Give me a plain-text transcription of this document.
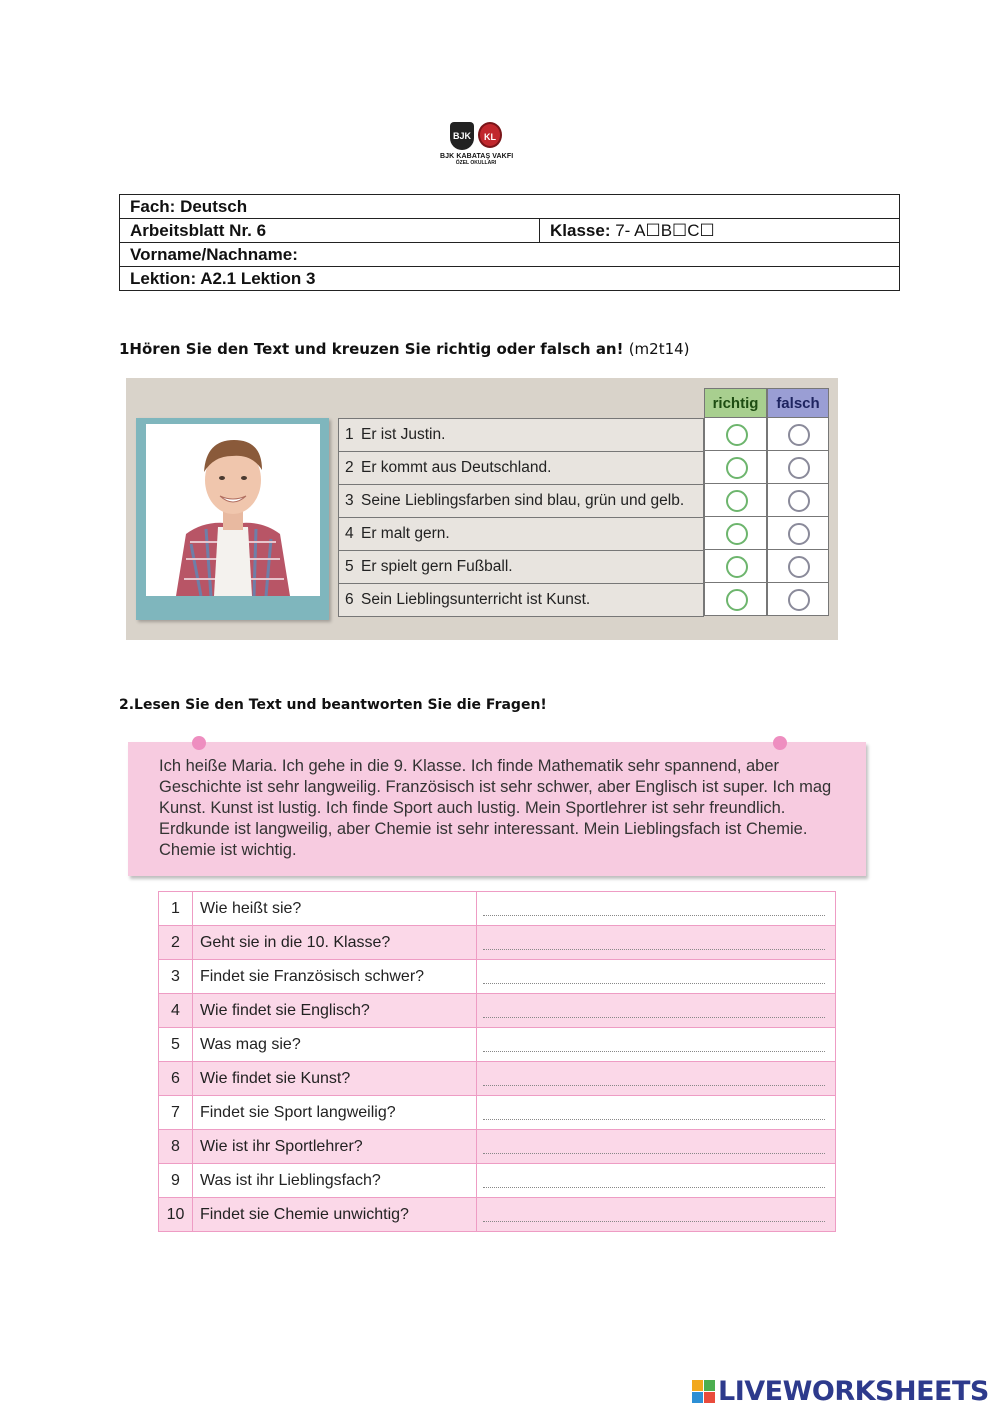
BJK	KL
BJK KABATAŞ VAKFI
ÖZEL OKULLARI
Fach: Deutsch
Arbeitsblatt Nr. 6	Klasse: 7- A☐B☐C☐
Vorname/Nachname:
Lektion: A2.1 Lektion 3
1Hören Sie den Text und kreuzen Sie richtig oder falsch an! (m2t14)
1 Er ist Justin.
2 Er kommt aus Deutschland.
3 Seine Lieblingsfarben sind blau, grün und gelb.
4 Er malt gern.
5 Er spielt gern Fußball.
6 Sein Lieblingsunterricht ist Kunst.
richtig	falsch
2.Lesen Sie den Text und beantworten Sie die Fragen!
Ich heiße Maria. Ich gehe in die 9. Klasse. Ich finde Mathematik sehr spannend, aber Geschichte ist sehr langweilig. Französisch ist sehr schwer, aber Englisch ist super. Ich mag Kunst. Kunst ist lustig. Ich finde Sport auch lustig. Mein Sportlehrer ist sehr freundlich. Erdkunde ist langweilig, aber Chemie ist sehr interessant. Mein Lieblingsfach ist Chemie. Chemie ist wichtig.
1	Wie heißt sie?	

2	Geht sie in die 10. Klasse?	

3	Findet sie Französisch schwer?	

4	Wie findet sie Englisch?	

5	Was mag sie?	

6	Wie findet sie Kunst?	

7	Findet sie Sport langweilig?	

8	Wie ist ihr Sportlehrer?	

9	Was ist ihr Lieblingsfach?	

10	Findet sie Chemie unwichtig?	
LIVEWORKSHEETS
